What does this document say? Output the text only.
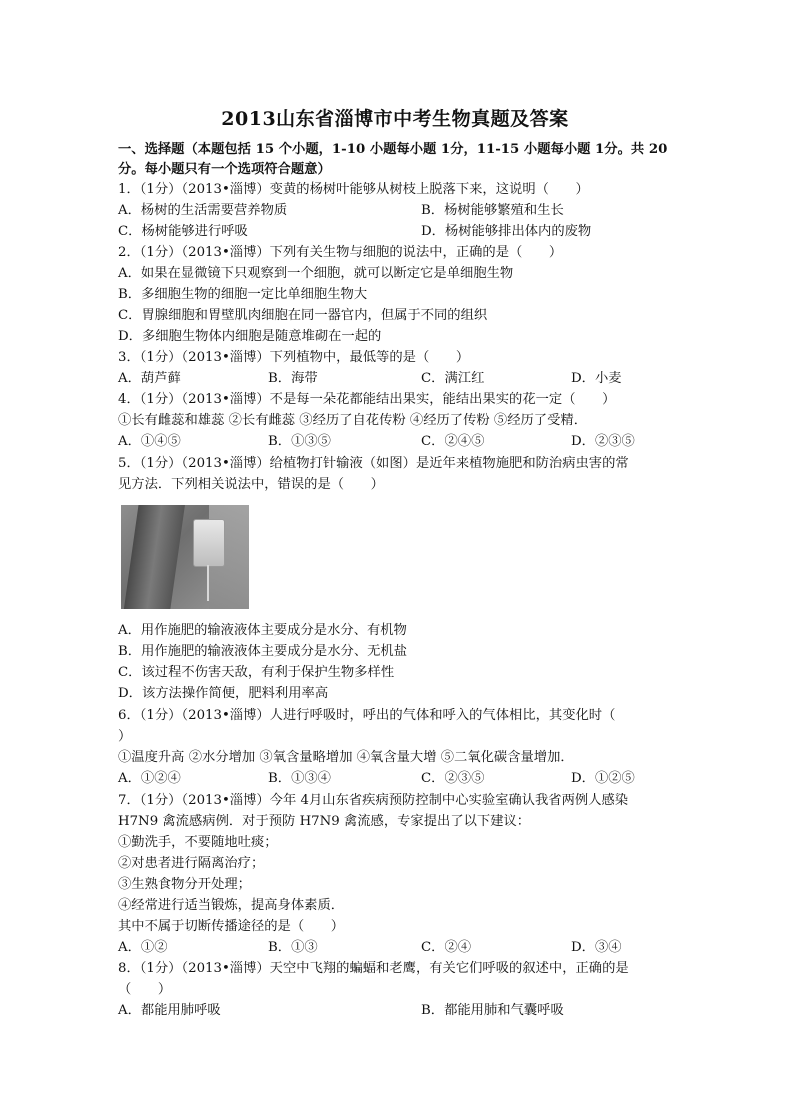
2013山东省淄博市中考生物真题及答案
一、选择题（本题包括 15 个小题，1-10 小题每小题 1分，11-15 小题每小题 1分。共 20
分。每小题只有一个选项符合题意）
1．（1分）（2013•淄博）变黄的杨树叶能够从树枝上脱落下来，这说明（　　）
A．杨树的生活需要营养物质	B．杨树能够繁殖和生长
C．杨树能够进行呼吸	D．杨树能够排出体内的废物
2．（1分）（2013•淄博）下列有关生物与细胞的说法中，正确的是（　　）
A．如果在显微镜下只观察到一个细胞，就可以断定它是单细胞生物
B．多细胞生物的细胞一定比单细胞生物大
C．胃腺细胞和胃壁肌肉细胞在同一器官内，但属于不同的组织
D．多细胞生物体内细胞是随意堆砌在一起的
3．（1分）（2013•淄博）下列植物中，最低等的是（　　）
A．葫芦藓	B．海带	C．满江红	D．小麦
4．（1分）（2013•淄博）不是每一朵花都能结出果实，能结出果实的花一定（　　）
①长有雌蕊和雄蕊 ②长有雌蕊 ③经历了自花传粉 ④经历了传粉 ⑤经历了受精．
A．①④⑤	B．①③⑤	C．②④⑤	D．②③⑤
5．（1分）（2013•淄博）给植物打针输液（如图）是近年来植物施肥和防治病虫害的常
见方法．下列相关说法中，错误的是（　　）
A．用作施肥的输液液体主要成分是水分、有机物
B．用作施肥的输液液体主要成分是水分、无机盐
C．该过程不伤害天敌，有利于保护生物多样性
D．该方法操作简便，肥料利用率高
6．（1分）（2013•淄博）人进行呼吸时，呼出的气体和呼入的气体相比，其变化时（
）
①温度升高 ②水分增加 ③氧含量略增加 ④氧含量大增 ⑤二氧化碳含量增加．
A．①②④	B．①③④	C．②③⑤	D．①②⑤
7．（1分）（2013•淄博）今年 4月山东省疾病预防控制中心实验室确认我省两例人感染
H7N9 禽流感病例．对于预防 H7N9 禽流感，专家提出了以下建议：
①勤洗手，不要随地吐痰；
②对患者进行隔离治疗；
③生熟食物分开处理；
④经常进行适当锻炼，提高身体素质．
其中不属于切断传播途径的是（　　）
A．①②	B．①③	C．②④	D．③④
8．（1分）（2013•淄博）天空中飞翔的蝙蝠和老鹰，有关它们呼吸的叙述中，正确的是
（　　）
A．都能用肺呼吸	B．都能用肺和气囊呼吸
